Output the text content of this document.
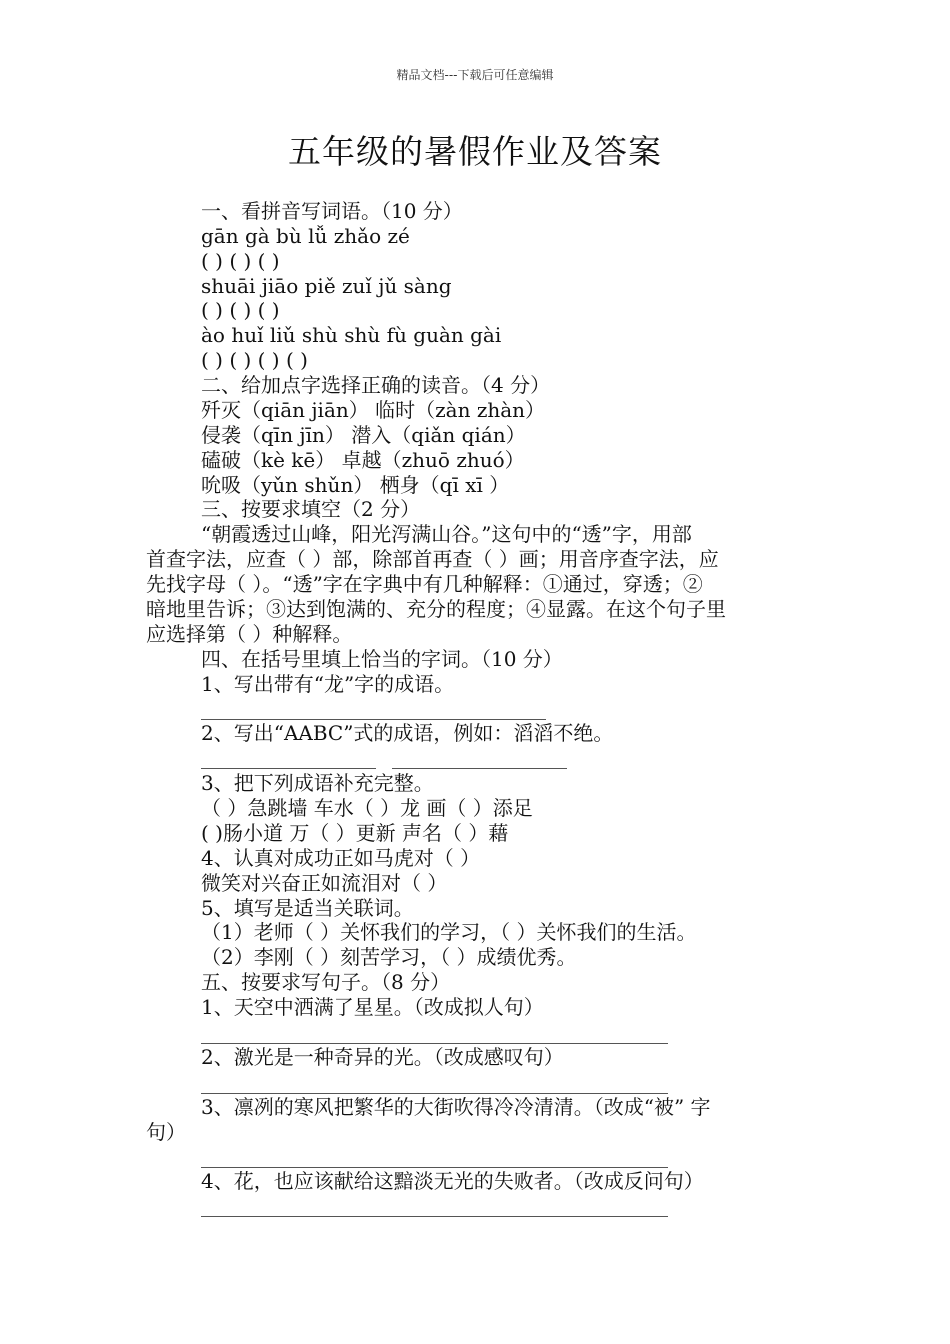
精品文档---下载后可任意编辑
五年级的暑假作业及答案
一、看拼音写词语。（10 分）
gān gà bù lǚ zhǎo zé
( ) ( ) ( )
shuāi jiāo piě zuǐ jǔ sàng
( ) ( ) ( )
ào huǐ liǔ shù shù fù guàn gài
( ) ( ) ( ) ( )
二、给加点字选择正确的读音。（4 分）
歼灭（qiān jiān） 临时（zàn zhàn）
侵袭（qīn jīn） 潜入（qiǎn qián）
磕破（kè kē） 卓越（zhuō zhuó）
吮吸（yǔn shǔn） 栖身（qī xī ）
三、按要求填空（2 分）
“朝霞透过山峰，阳光泻满山谷。”这句中的“透”字，用部
首查字法，应查（ ）部，除部首再查（ ）画；用音序查字法，应
先找字母（ ）。“透”字在字典中有几种解释：①通过，穿透；②
暗地里告诉；③达到饱满的、充分的程度；④显露。在这个句子里
应选择第（ ）种解释。
四、在括号里填上恰当的字词。（10 分）
1、写出带有“龙”字的成语。
2、写出“AABC”式的成语，例如：滔滔不绝。
3、把下列成语补充完整。
（ ）急跳墙 车水（ ）龙 画（ ）添足
( )肠小道 万（ ）更新 声名（ ）藉
4、认真对成功正如马虎对（ ）
微笑对兴奋正如流泪对（ ）
5、填写是适当关联词。
（1）老师（ ）关怀我们的学习，（ ）关怀我们的生活。
（2）李刚（ ）刻苦学习，（ ）成绩优秀。
五、按要求写句子。（8 分）
1、天空中洒满了星星。（改成拟人句）
2、激光是一种奇异的光。（改成感叹句）
3、凛冽的寒风把繁华的大街吹得冷冷清清。（改成“被” 字
句）
4、花，也应该献给这黯淡无光的失败者。（改成反问句）
